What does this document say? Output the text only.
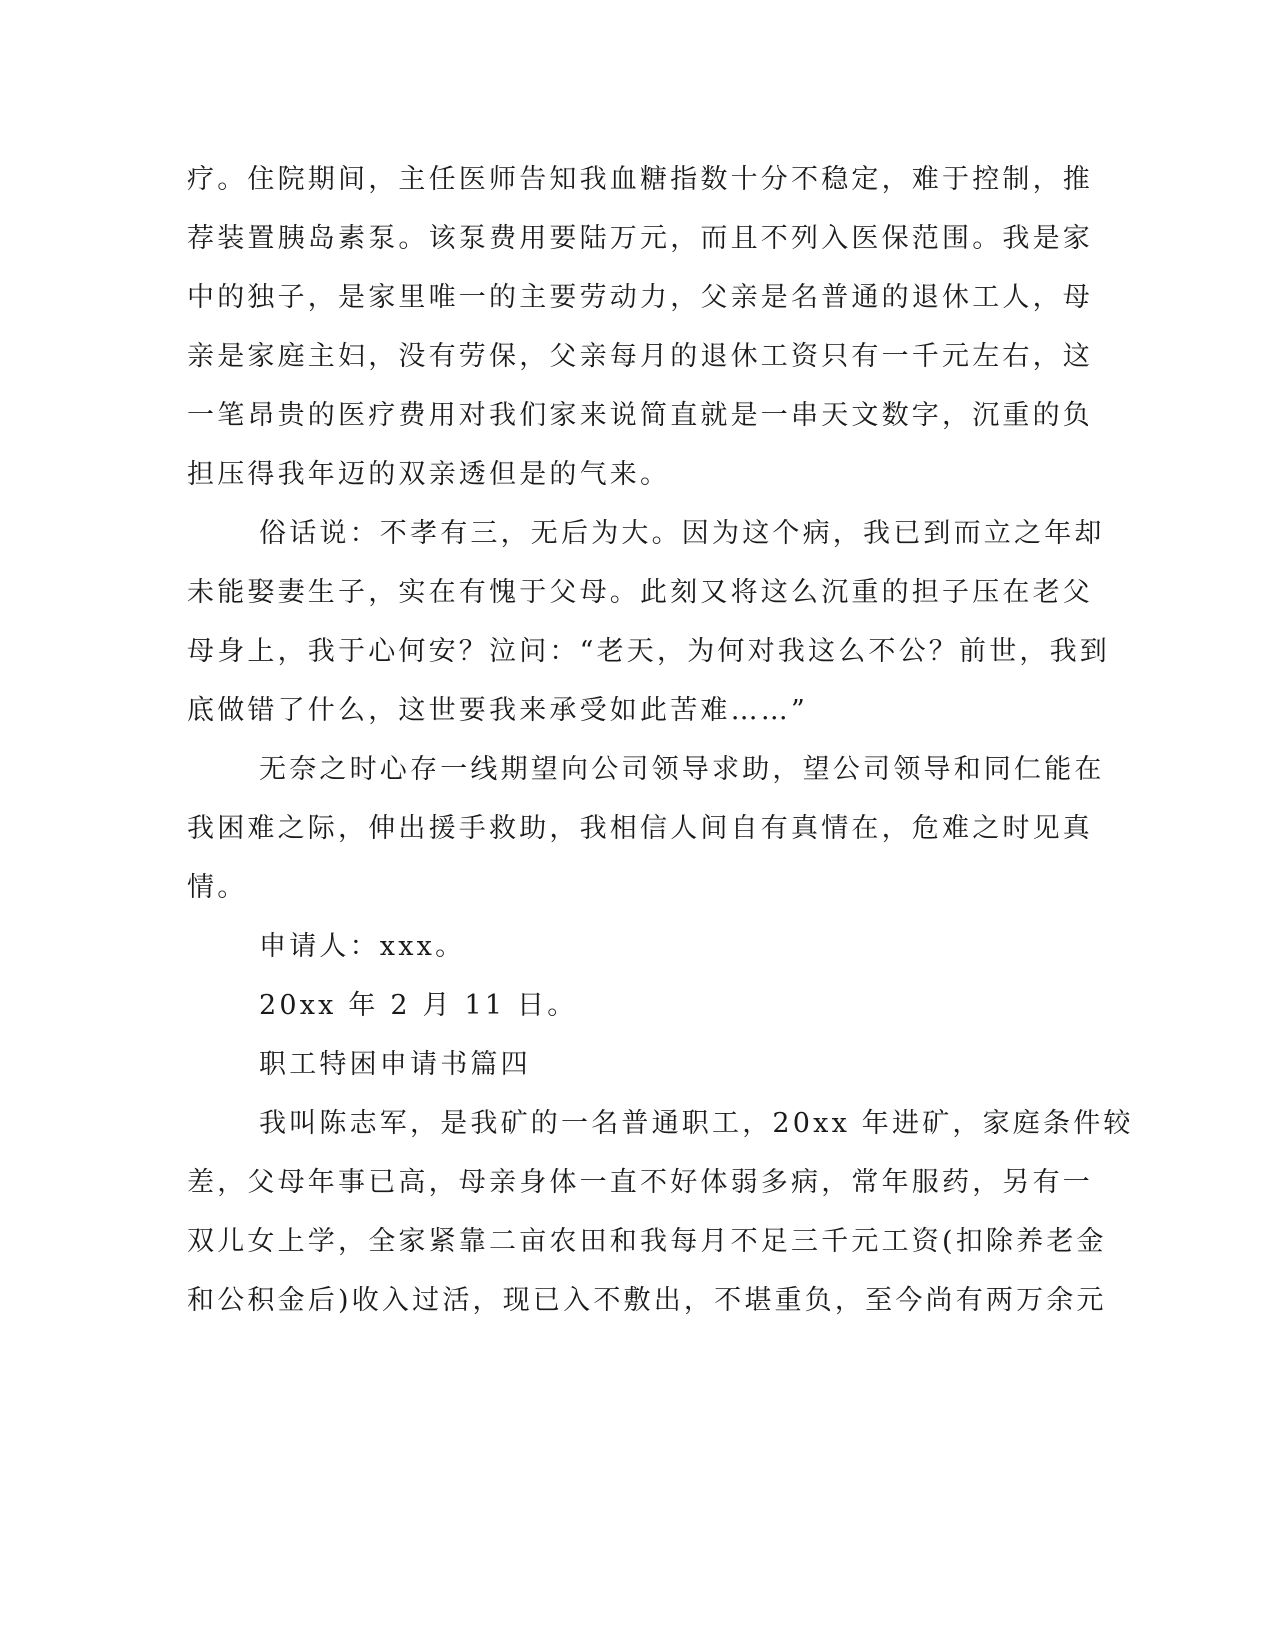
疗。住院期间，主任医师告知我血糖指数十分不稳定，难于控制，推
荐装置胰岛素泵。该泵费用要陆万元，而且不列入医保范围。我是家
中的独子，是家里唯一的主要劳动力，父亲是名普通的退休工人，母
亲是家庭主妇，没有劳保，父亲每月的退休工资只有一千元左右，这
一笔昂贵的医疗费用对我们家来说简直就是一串天文数字，沉重的负
担压得我年迈的双亲透但是的气来。
俗话说：不孝有三，无后为大。因为这个病，我已到而立之年却
未能娶妻生子，实在有愧于父母。此刻又将这么沉重的担子压在老父
母身上，我于心何安？泣问：“老天，为何对我这么不公？前世，我到
底做错了什么，这世要我来承受如此苦难……”
无奈之时心存一线期望向公司领导求助，望公司领导和同仁能在
我困难之际，伸出援手救助，我相信人间自有真情在，危难之时见真
情。
申请人：xxx。
20xx 年 2 月 11 日。
职工特困申请书篇四
我叫陈志军，是我矿的一名普通职工，20xx 年进矿，家庭条件较
差，父母年事已高，母亲身体一直不好体弱多病，常年服药，另有一
双儿女上学，全家紧靠二亩农田和我每月不足三千元工资(扣除养老金
和公积金后)收入过活，现已入不敷出，不堪重负，至今尚有两万余元
